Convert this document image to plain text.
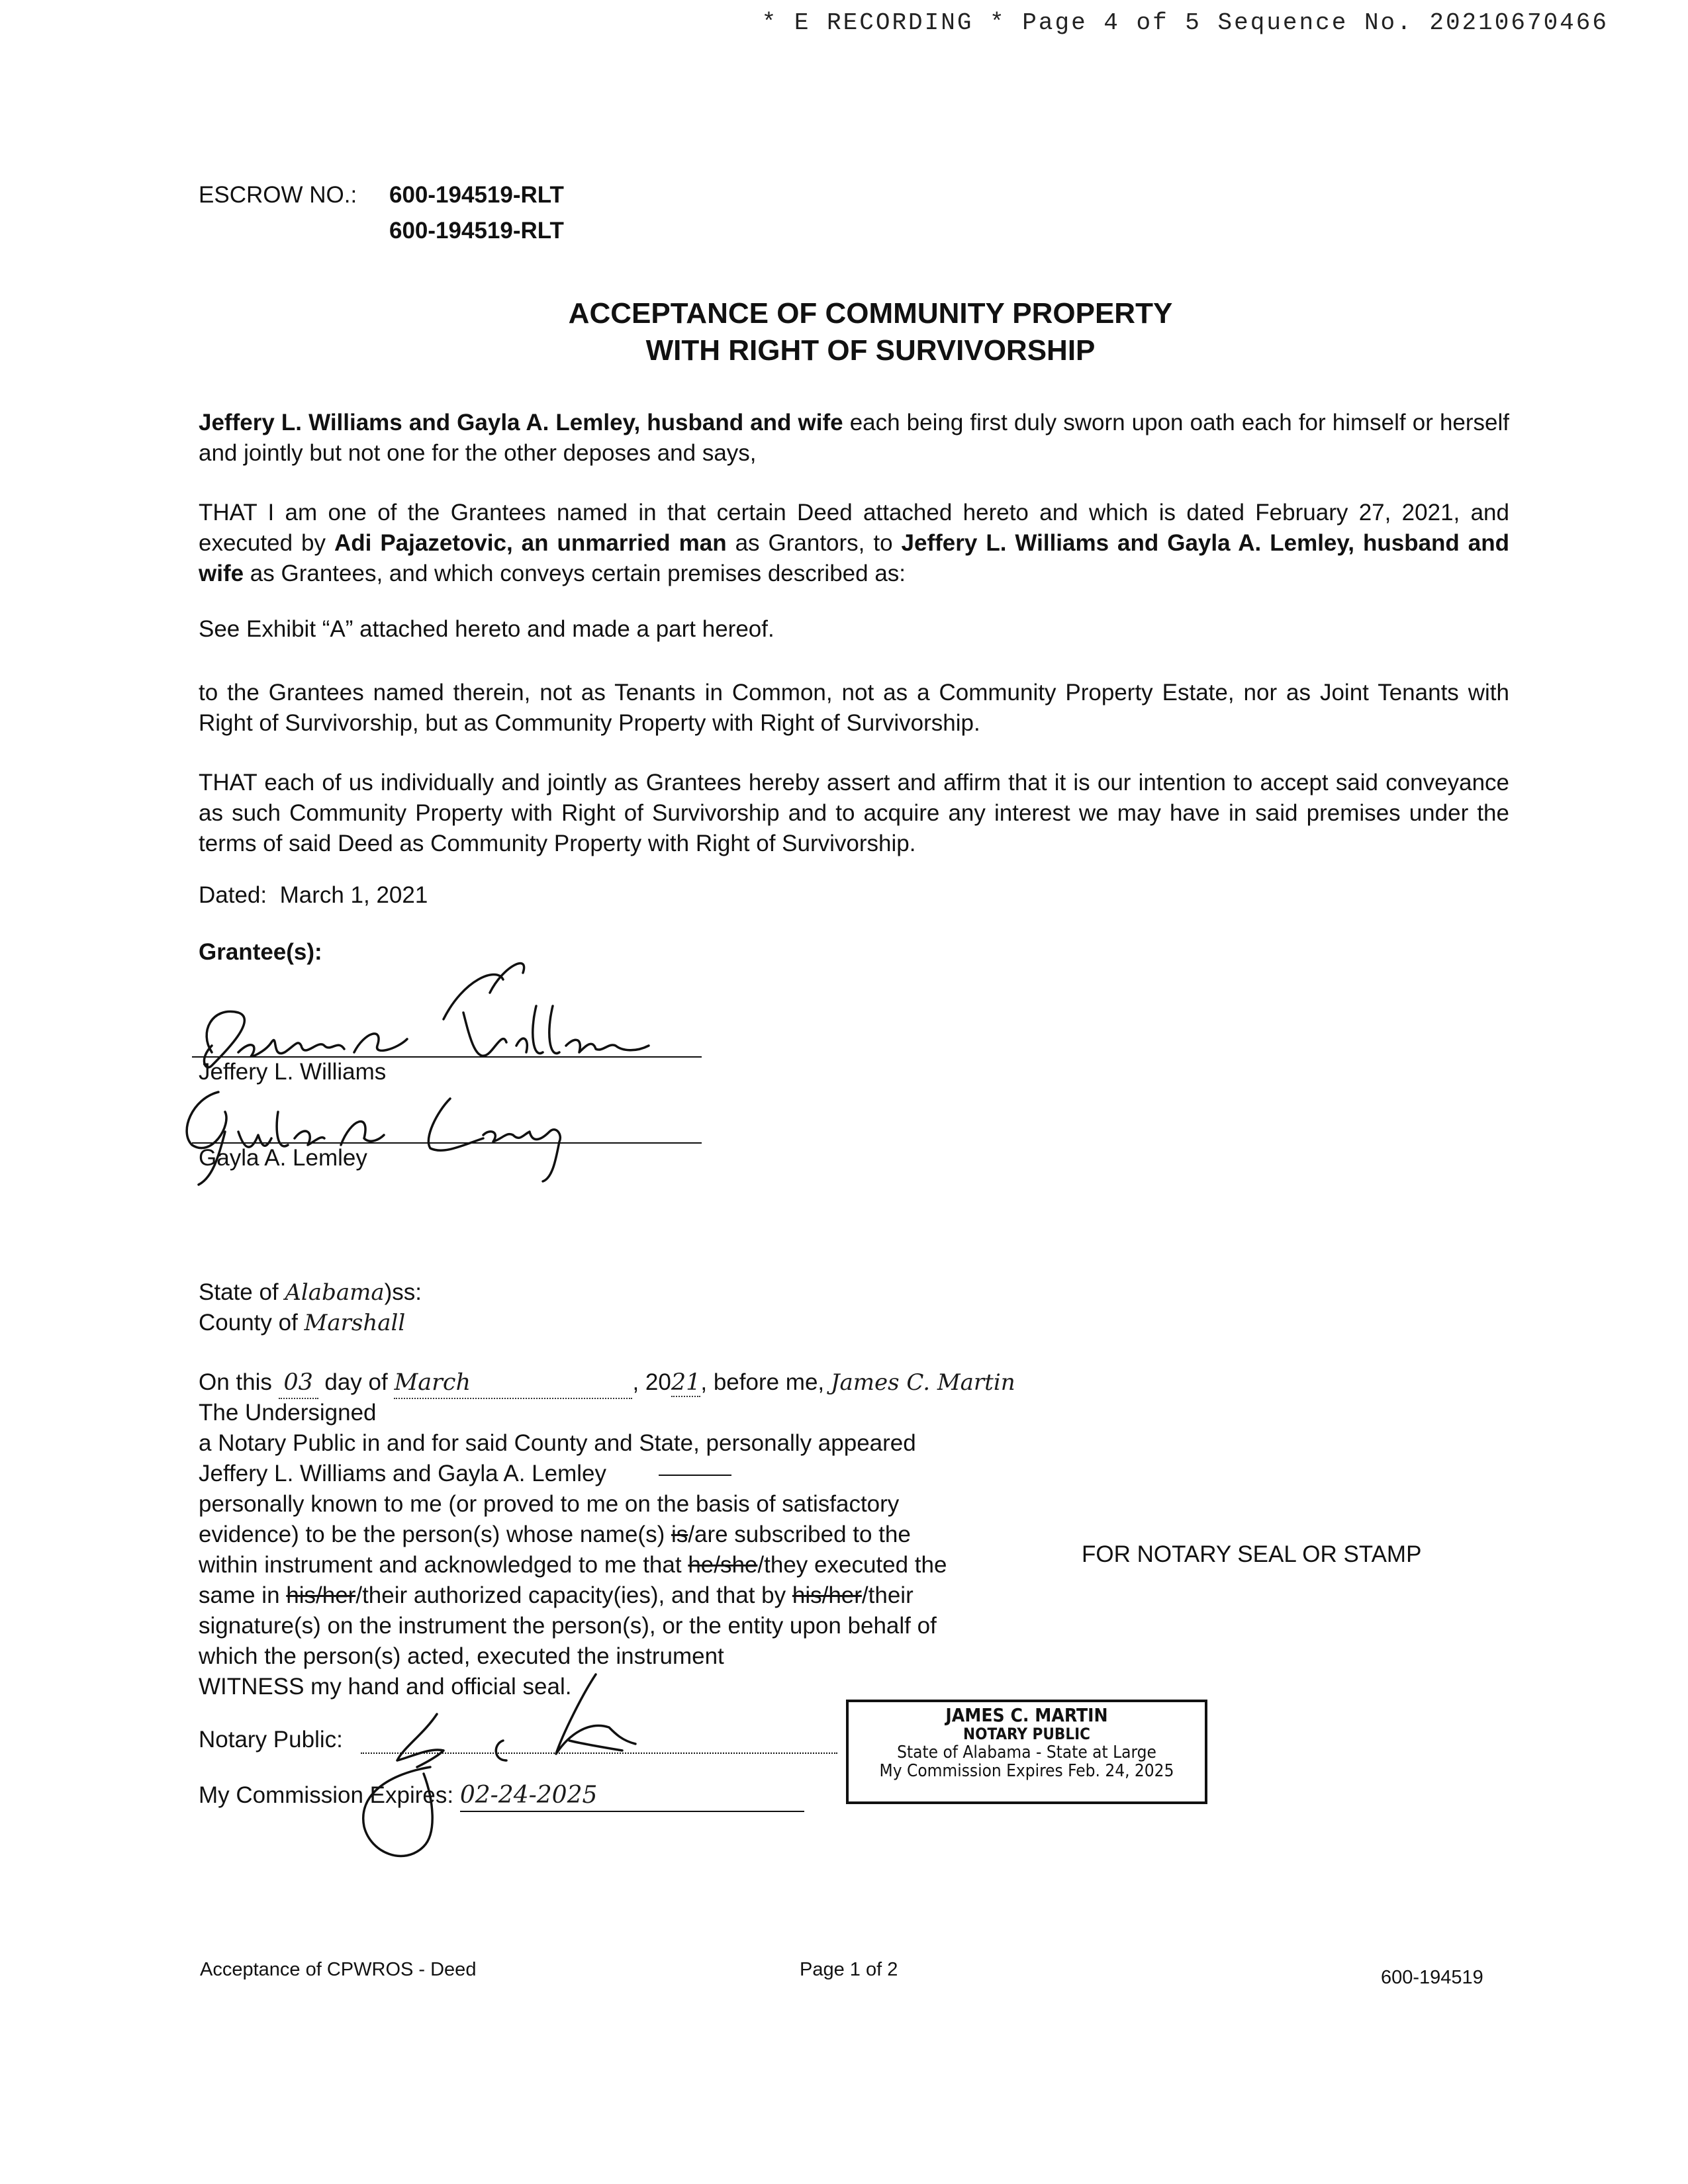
* E RECORDING * Page 4 of 5 Sequence No. 20210670466
ESCROW NO.: 600-194519-RLT
600-194519-RLT
ACCEPTANCE OF COMMUNITY PROPERTY
WITH RIGHT OF SURVIVORSHIP
Jeffery L. Williams and Gayla A. Lemley, husband and wife each being first duly sworn upon oath each for himself or herself and jointly but not one for the other deposes and says,
THAT I am one of the Grantees named in that certain Deed attached hereto and which is dated February 27, 2021, and executed by Adi Pajazetovic, an unmarried man as Grantors, to Jeffery L. Williams and Gayla A. Lemley, husband and wife as Grantees, and which conveys certain premises described as:
See Exhibit “A” attached hereto and made a part hereof.
to the Grantees named therein, not as Tenants in Common, not as a Community Property Estate, nor as Joint Tenants with Right of Survivorship, but as Community Property with Right of Survivorship.
THAT each of us individually and jointly as Grantees hereby assert and affirm that it is our intention to accept said conveyance as such Community Property with Right of Survivorship and to acquire any interest we may have in said premises under the terms of said Deed as Community Property with Right of Survivorship.
Dated: March 1, 2021
Grantee(s):
Jeffery L. Williams
Gayla A. Lemley
State of Alabama)ss:
County of Marshall
On this 03 day of March	, 2021, before me, James C. Martin
The Undersigned
a Notary Public in and for said County and State, personally appeared
Jeffery L. Williams and Gayla A. Lemley
personally known to me (or proved to me on the basis of satisfactory
evidence) to be the person(s) whose name(s) is/are subscribed to the
within instrument and acknowledged to me that he/she/they executed the
same in his/her/their authorized capacity(ies), and that by his/her/their
signature(s) on the instrument the person(s), or the entity upon behalf of
which the person(s) acted, executed the instrument
WITNESS my hand and official seal.
FOR NOTARY SEAL OR STAMP
Notary Public:
My Commission Expires: 02-24-2025
JAMES C. MARTIN
NOTARY PUBLIC
State of Alabama - State at Large
My Commission Expires Feb. 24, 2025
Acceptance of CPWROS - Deed	Page 1 of 2	600-194519
